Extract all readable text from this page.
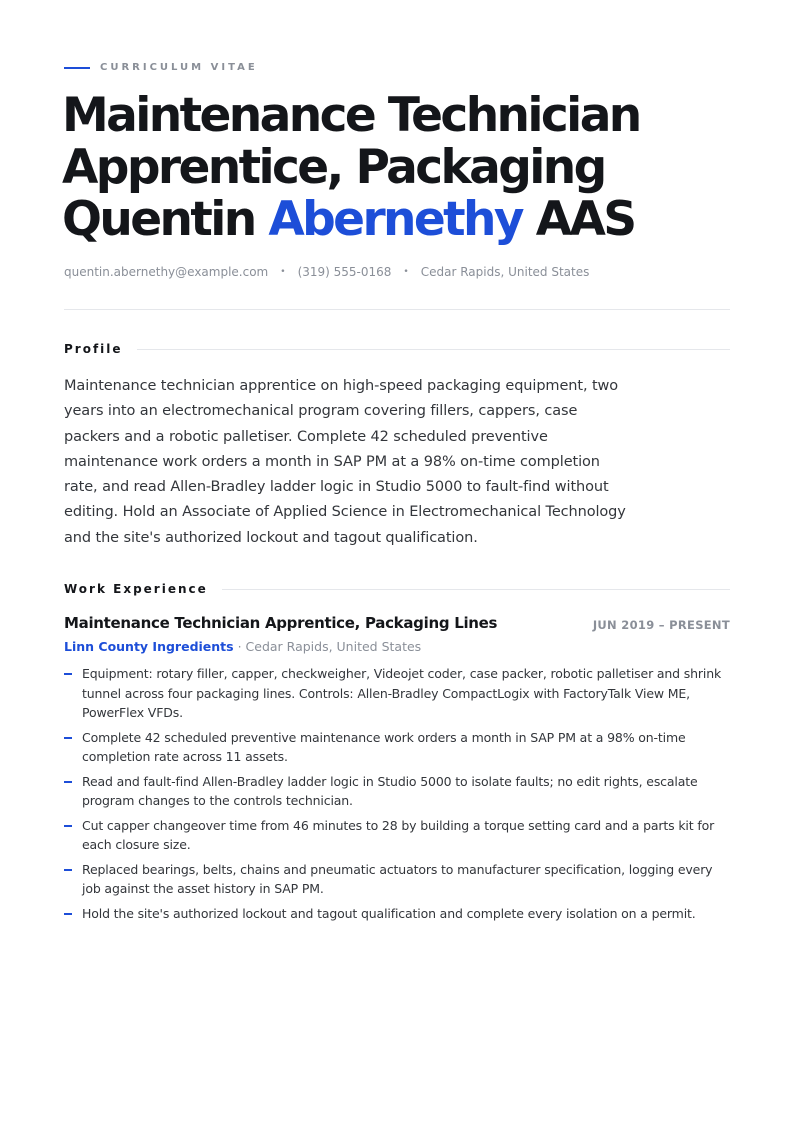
CURRICULUM VITAE
Maintenance Technician
Apprentice, Packaging
Quentin Abernethy AAS
quentin.abernethy@example.com • (319) 555-0168 • Cedar Rapids, United States
Profile

Maintenance technician apprentice on high-speed packaging equipment, two years into an electromechanical program covering fillers, cappers, case packers and a robotic palletiser. Complete 42 scheduled preventive maintenance work orders a month in SAP PM at a 98% on-time completion rate, and read Allen-Bradley ladder logic in Studio 5000 to fault-find without editing. Hold an Associate of Applied Science in Electromechanical Technology and the site's authorized lockout and tagout qualification.

Work Experience
Maintenance Technician Apprentice, Packaging Lines	JUN 2019 – PRESENT
Linn County Ingredients · Cedar Rapids, United States
Equipment: rotary filler, capper, checkweigher, Videojet coder, case packer, robotic palletiser and shrink tunnel across four packaging lines. Controls: Allen-Bradley CompactLogix with FactoryTalk View ME, PowerFlex VFDs.
Complete 42 scheduled preventive maintenance work orders a month in SAP PM at a 98% on-time completion rate across 11 assets.
Read and fault-find Allen-Bradley ladder logic in Studio 5000 to isolate faults; no edit rights, escalate program changes to the controls technician.
Cut capper changeover time from 46 minutes to 28 by building a torque setting card and a parts kit for each closure size.
Replaced bearings, belts, chains and pneumatic actuators to manufacturer specification, logging every job against the asset history in SAP PM.
Hold the site's authorized lockout and tagout qualification and complete every isolation on a permit.
